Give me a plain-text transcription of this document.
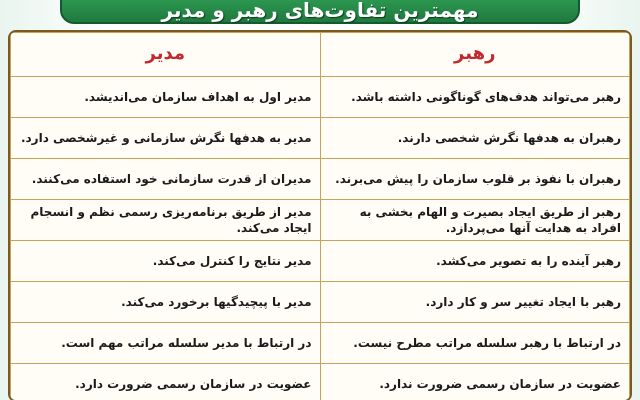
مهمترین تفاوت‌های رهبر و مدیر
رهبر	مدیر
رهبر می‌تواند هدف‌های گوناگونی داشته باشد.	مدیر اول به اهداف سازمان می‌اندیشد.
رهبران به هدفها نگرش شخصی دارند.	مدیر به هدفها نگرش سازمانی و غیرشخصی دارد.
رهبران با نفوذ بر قلوب سازمان را پیش می‌برند.	مدیران از قدرت سازمانی خود استفاده می‌کنند.
رهبر از طریق ایجاد بصیرت و الهام بخشی به افراد به هدایت آنها می‌پردازد.	مدیر از طریق برنامه‌ریزی رسمی نظم و انسجام ایجاد می‌کند.
رهبر آینده را به تصویر می‌کشد.	مدیر نتایج را کنترل می‌کند.
رهبر با ایجاد تغییر سر و کار دارد.	مدیر با پیچیدگیها برخورد می‌کند.
در ارتباط با رهبر سلسله مراتب مطرح نیست.	در ارتباط با مدیر سلسله مراتب مهم است.
عضویت در سازمان رسمی ضرورت ندارد.	عضویت در سازمان رسمی ضرورت دارد.
